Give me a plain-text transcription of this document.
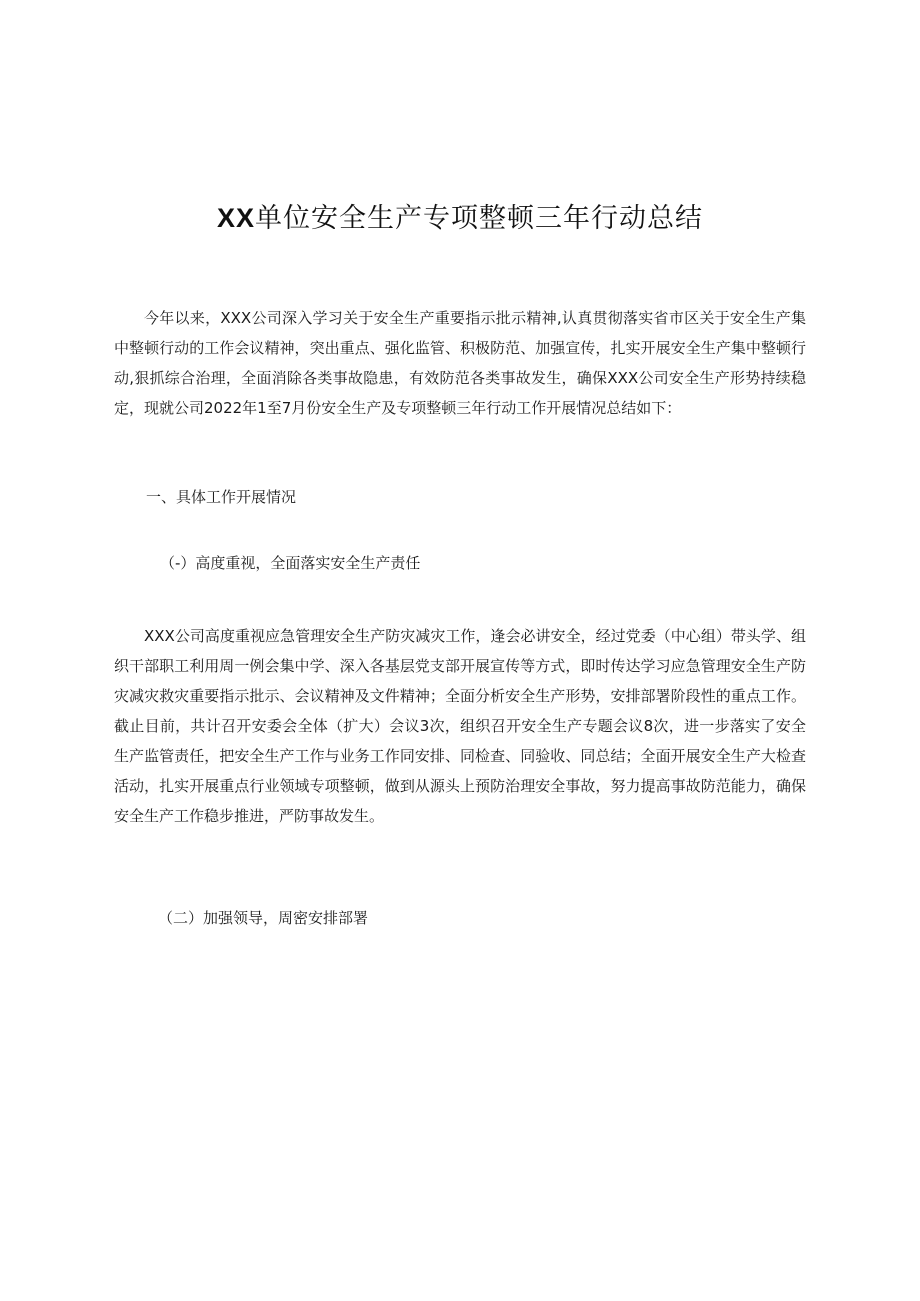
XX单位安全生产专项整顿三年行动总结

今年以来，XXX公司深入学习关于安全生产重要指示批示精神,认真贯彻落实省市区关于安全生产集中整顿行动的工作会议精神，突出重点、强化监管、积极防范、加强宣传，扎实开展安全生产集中整顿行动,狠抓综合治理，全面消除各类事故隐患，有效防范各类事故发生，确保XXX公司安全生产形势持续稳定，现就公司2022年1至7月份安全生产及专项整顿三年行动工作开展情况总结如下：

一、具体工作开展情况

（-）高度重视，全面落实安全生产责任

XXX公司高度重视应急管理安全生产防灾减灾工作，逢会必讲安全，经过党委（中心组）带头学、组织干部职工利用周一例会集中学、深入各基层党支部开展宣传等方式，即时传达学习应急管理安全生产防灾减灾救灾重要指示批示、会议精神及文件精神；全面分析安全生产形势，安排部署阶段性的重点工作。截止目前，共计召开安委会全体（扩大）会议3次，组织召开安全生产专题会议8次，进一步落实了安全生产监管责任，把安全生产工作与业务工作同安排、同检查、同验收、同总结；全面开展安全生产大检查活动，扎实开展重点行业领域专项整顿，做到从源头上预防治理安全事故，努力提高事故防范能力，确保安全生产工作稳步推进，严防事故发生。

（二）加强领导，周密安排部署
